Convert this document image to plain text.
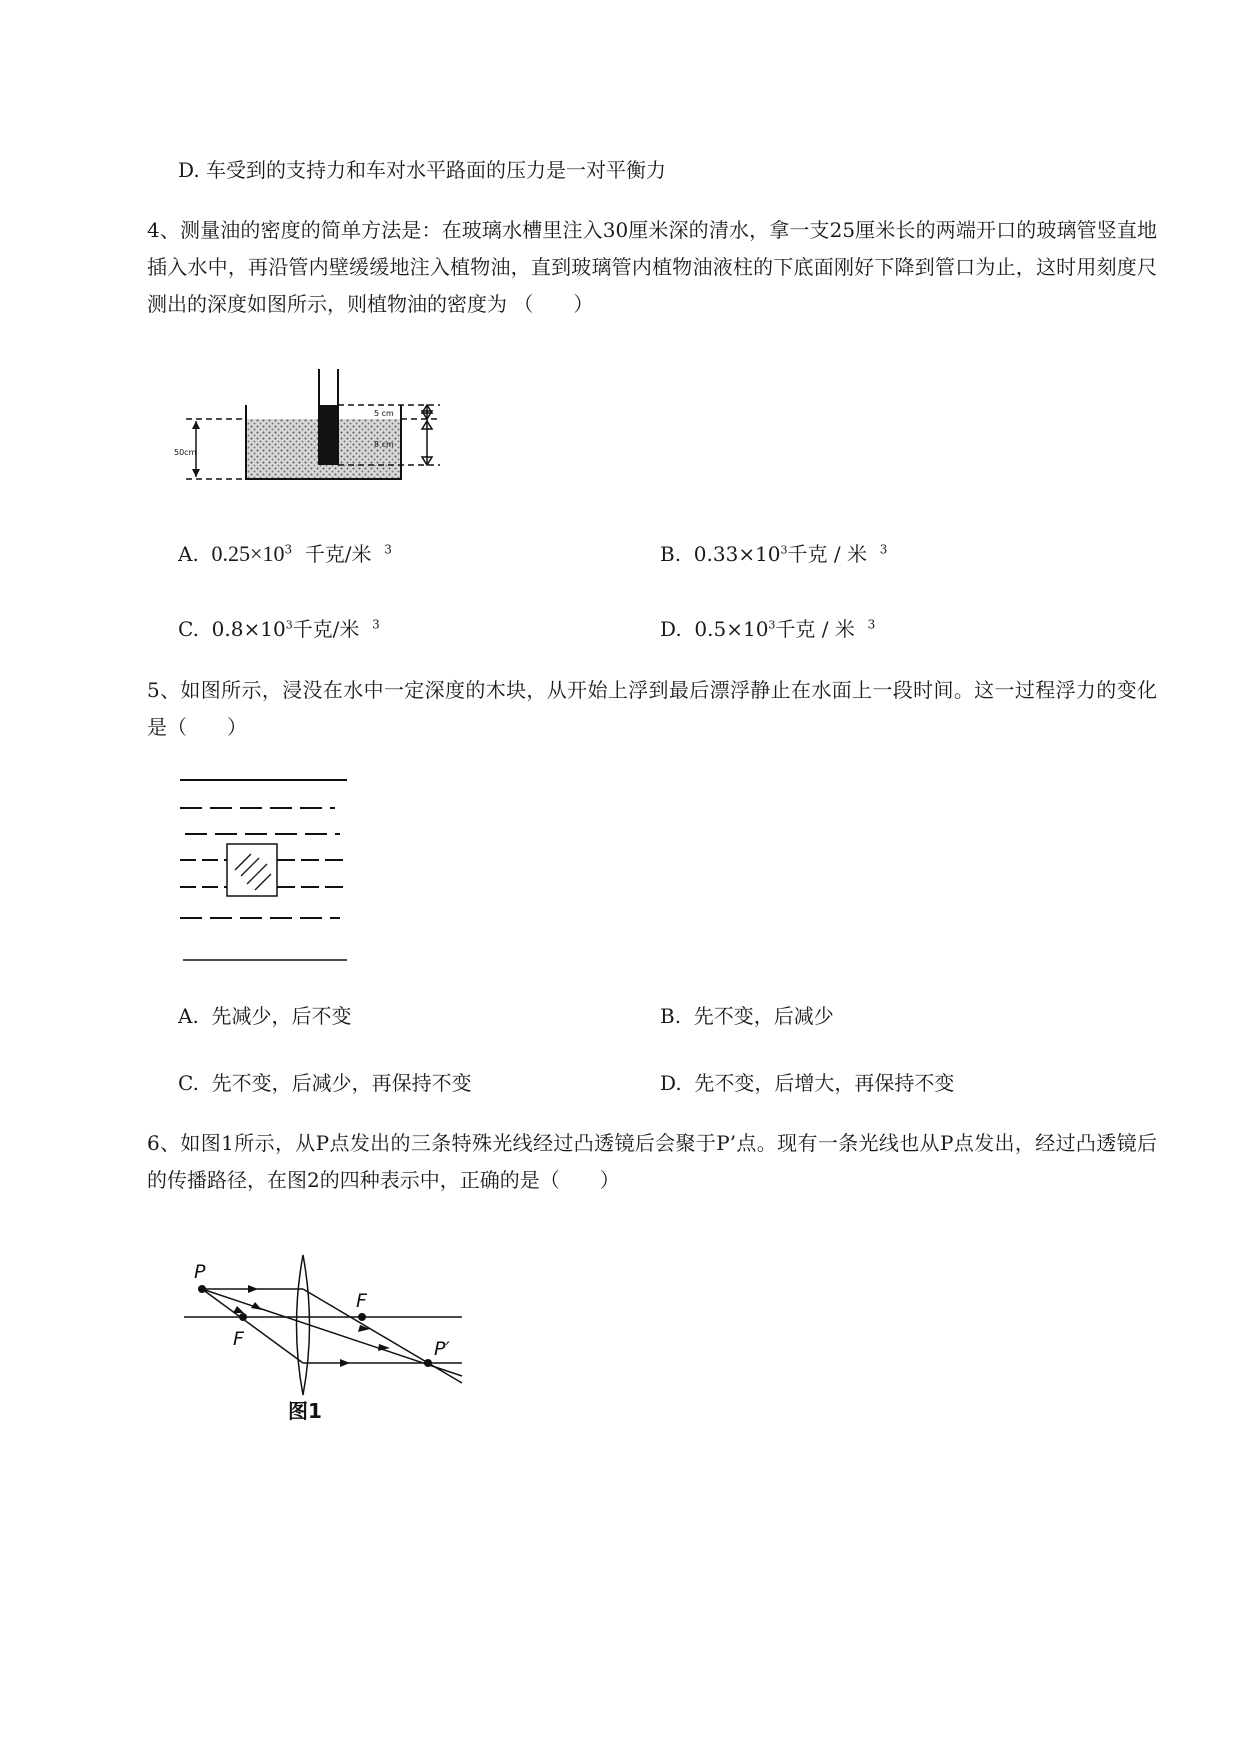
D. 车受到的支持力和车对水平路面的压力是一对平衡力
4、测量油的密度的简单方法是：在玻璃水槽里注入30厘米深的清水，拿一支25厘米长的两端开口的玻璃管竖直地插入水中，再沿管内壁缓缓地注入植物油，直到玻璃管内植物油液柱的下底面刚好下降到管口为止，这时用刻度尺测出的深度如图所示，则植物油的密度为 （　　）
50cm
5 cm
8 cm
A. $0.25\times 10^3$ 千克/米 $^3$	B. $0.33\times 10^3$千克 / 米 $^3$
C. $0.8\times 10^3$千克/米 $^3$	D. $0.5\times 10^3$千克 / 米 $^3$
5、如图所示，浸没在水中一定深度的木块，从开始上浮到最后漂浮静止在水面上一段时间。这一过程浮力的变化是（　　）
A. 先减少，后不变	B. 先不变，后减少
C. 先不变，后减少，再保持不变	D. 先不变，后增大，再保持不变
6、如图1所示，从P点发出的三条特殊光线经过凸透镜后会聚于P’点。现有一条光线也从P点发出，经过凸透镜后的传播路径，在图2的四种表示中，正确的是（　　）
P
F
F
P′
图1
